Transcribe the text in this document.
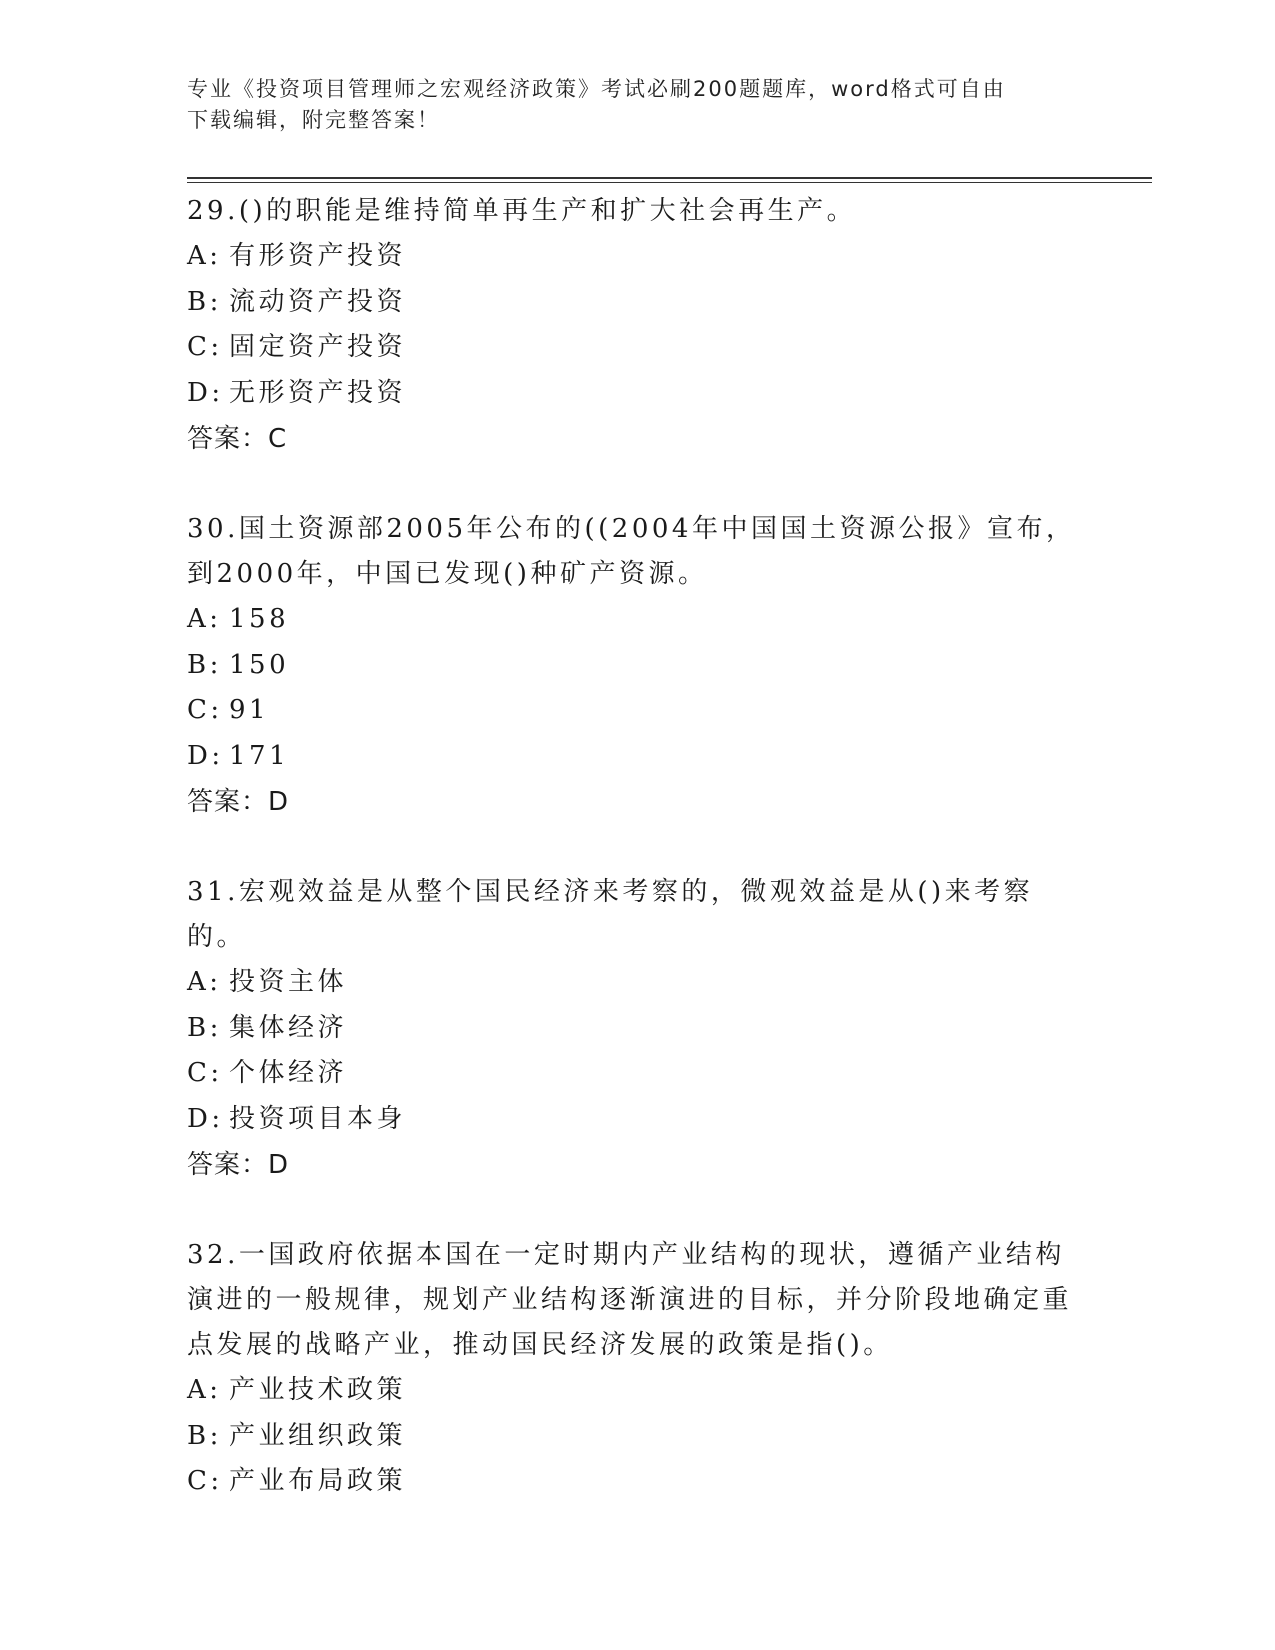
专业《投资项目管理师之宏观经济政策》考试必刷200题题库，word格式可自由
下载编辑，附完整答案！

29.()的职能是维持简单再生产和扩大社会再生产。

A: 有形资产投资

B: 流动资产投资

C: 固定资产投资

D: 无形资产投资

答案：C

30.国土资源部2005年公布的((2004年中国国土资源公报》宣布，到2000年，中国已发现()种矿产资源。

A: 158

B: 150

C: 91

D: 171

答案：D

31.宏观效益是从整个国民经济来考察的，微观效益是从()来考察的。

A: 投资主体

B: 集体经济

C: 个体经济

D: 投资项目本身

答案：D

32.一国政府依据本国在一定时期内产业结构的现状，遵循产业结构演进的一般规律，规划产业结构逐渐演进的目标，并分阶段地确定重点发展的战略产业，推动国民经济发展的政策是指()。

A: 产业技术政策

B: 产业组织政策

C: 产业布局政策
